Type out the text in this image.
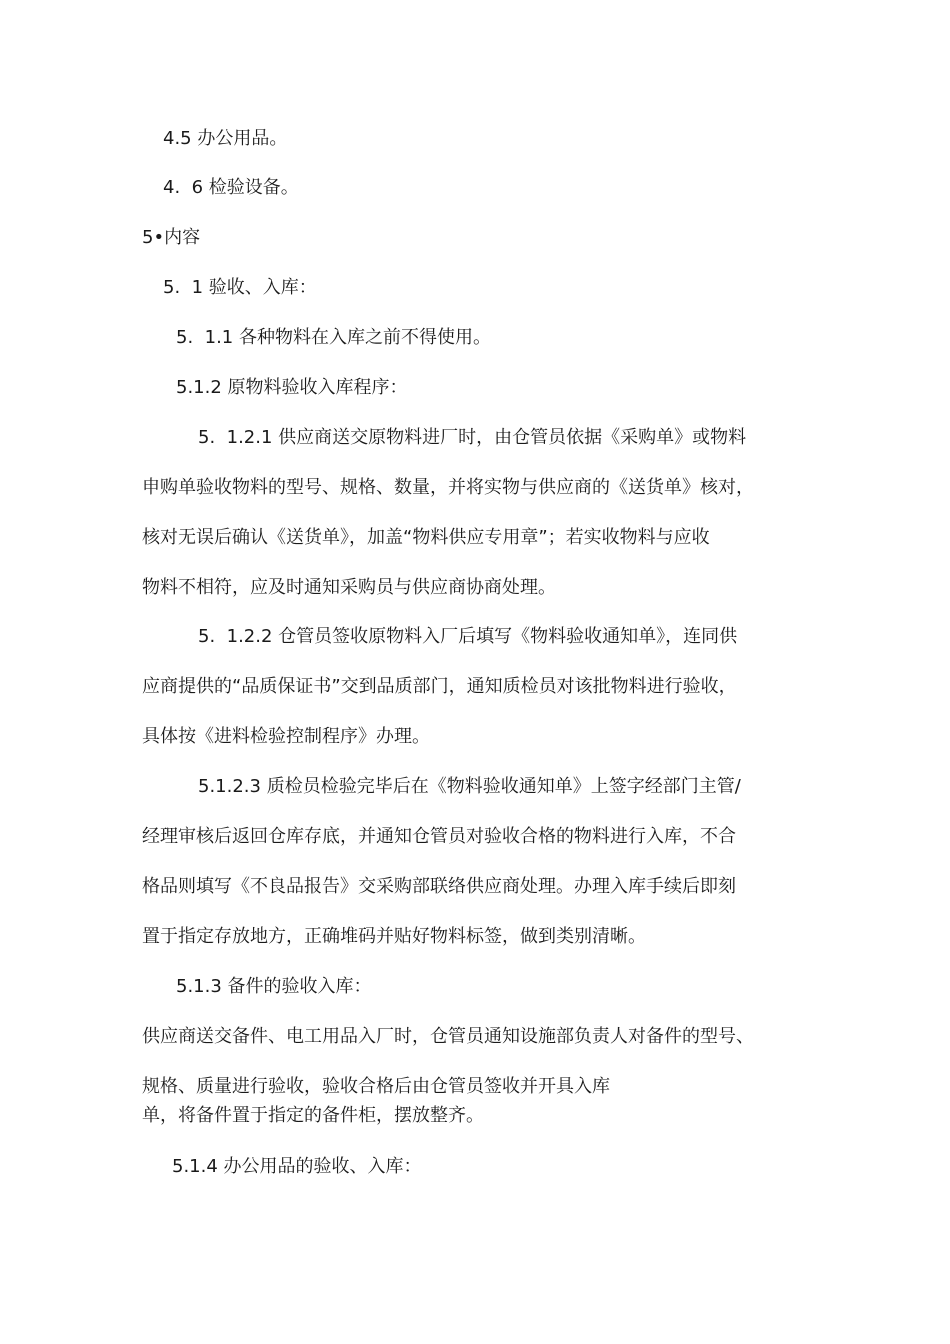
4.5 办公用品。

4.  6 检验设备。

5•内容

5.  1 验收、入库：

5.  1.1 各种物料在入库之前不得使用。

5.1.2 原物料验收入库程序：

5.  1.2.1 供应商送交原物料进厂时，由仓管员依据《采购单》或物料

申购单验收物料的型号、规格、数量，并将实物与供应商的《送货单》核对，

核对无误后确认《送货单》，加盖“物料供应专用章”；若实收物料与应收

物料不相符，应及时通知采购员与供应商协商处理。

5.  1.2.2 仓管员签收原物料入厂后填写《物料验收通知单》，连同供

应商提供的“品质保证书”交到品质部门，通知质检员对该批物料进行验收，

具体按《进料检验控制程序》办理。

5.1.2.3 质检员检验完毕后在《物料验收通知单》上签字经部门主管/

经理审核后返回仓库存底，并通知仓管员对验收合格的物料进行入库，不合

格品则填写《不良品报告》交采购部联络供应商处理。办理入库手续后即刻

置于指定存放地方，正确堆码并贴好物料标签，做到类别清晰。

5.1.3 备件的验收入库：

供应商送交备件、电工用品入厂时，仓管员通知设施部负责人对备件的型号、

规格、质量进行验收，验收合格后由仓管员签收并开具入库

单，将备件置于指定的备件柜，摆放整齐。

5.1.4 办公用品的验收、入库：
